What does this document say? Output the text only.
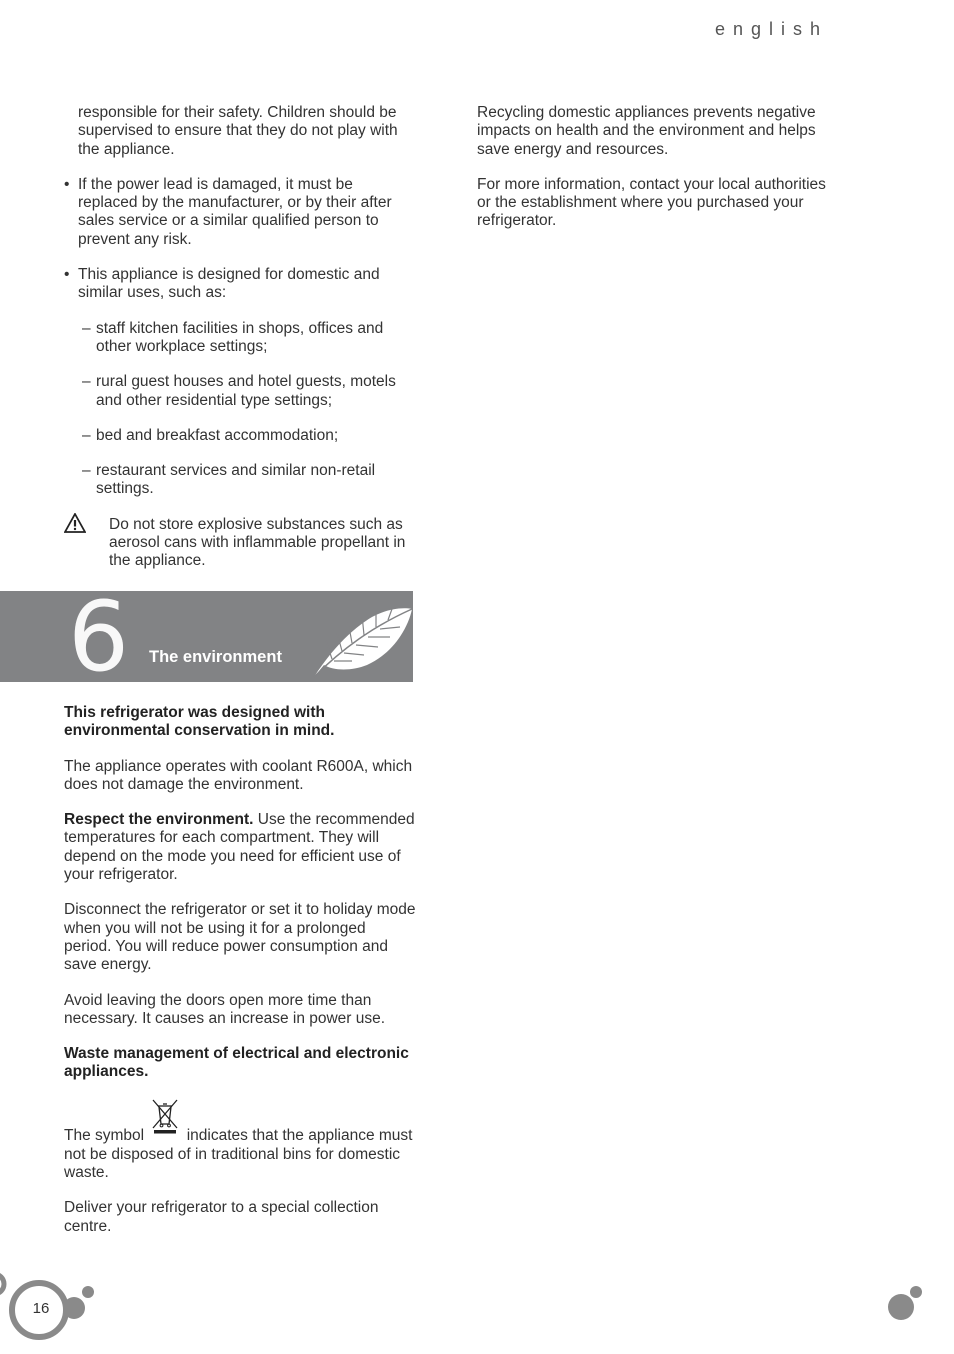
english

responsible for their safety. Children should be supervised to ensure that they do not play with the appliance.

• If the power lead is damaged, it must be replaced by the manufacturer, or by their after sales service or a similar qualified person to prevent any risk.

• This appliance is designed for domestic and similar uses, such as:

– staff kitchen facilities in shops, offices and other workplace settings;

– rural guest houses and hotel guests, motels and other residential type settings;

– bed and breakfast accommodation;

– restaurant services and similar non-retail settings.

Do not store explosive substances such as aerosol cans with inflammable propellant in the appliance.

6 The environment

This refrigerator was designed with environmental conservation in mind.

The appliance operates with coolant R600A, which does not damage the environment.

Respect the environment. Use the recommended temperatures for each compartment. They will depend on the mode you need for efficient use of your refrigerator.

Disconnect the refrigerator or set it to holiday mode when you will not be using it for a prolonged period. You will reduce power consumption and save energy.

Avoid leaving the doors open more time than necessary. It causes an increase in power use.

Waste management of electrical and electronic appliances.

The symbol  indicates that the appliance must not be disposed of in traditional bins for domestic waste.

Deliver your refrigerator to a special collection centre.

Recycling domestic appliances prevents negative impacts on health and the environment and helps save energy and resources.

For more information, contact your local authorities or the establishment where you purchased your refrigerator.

16
